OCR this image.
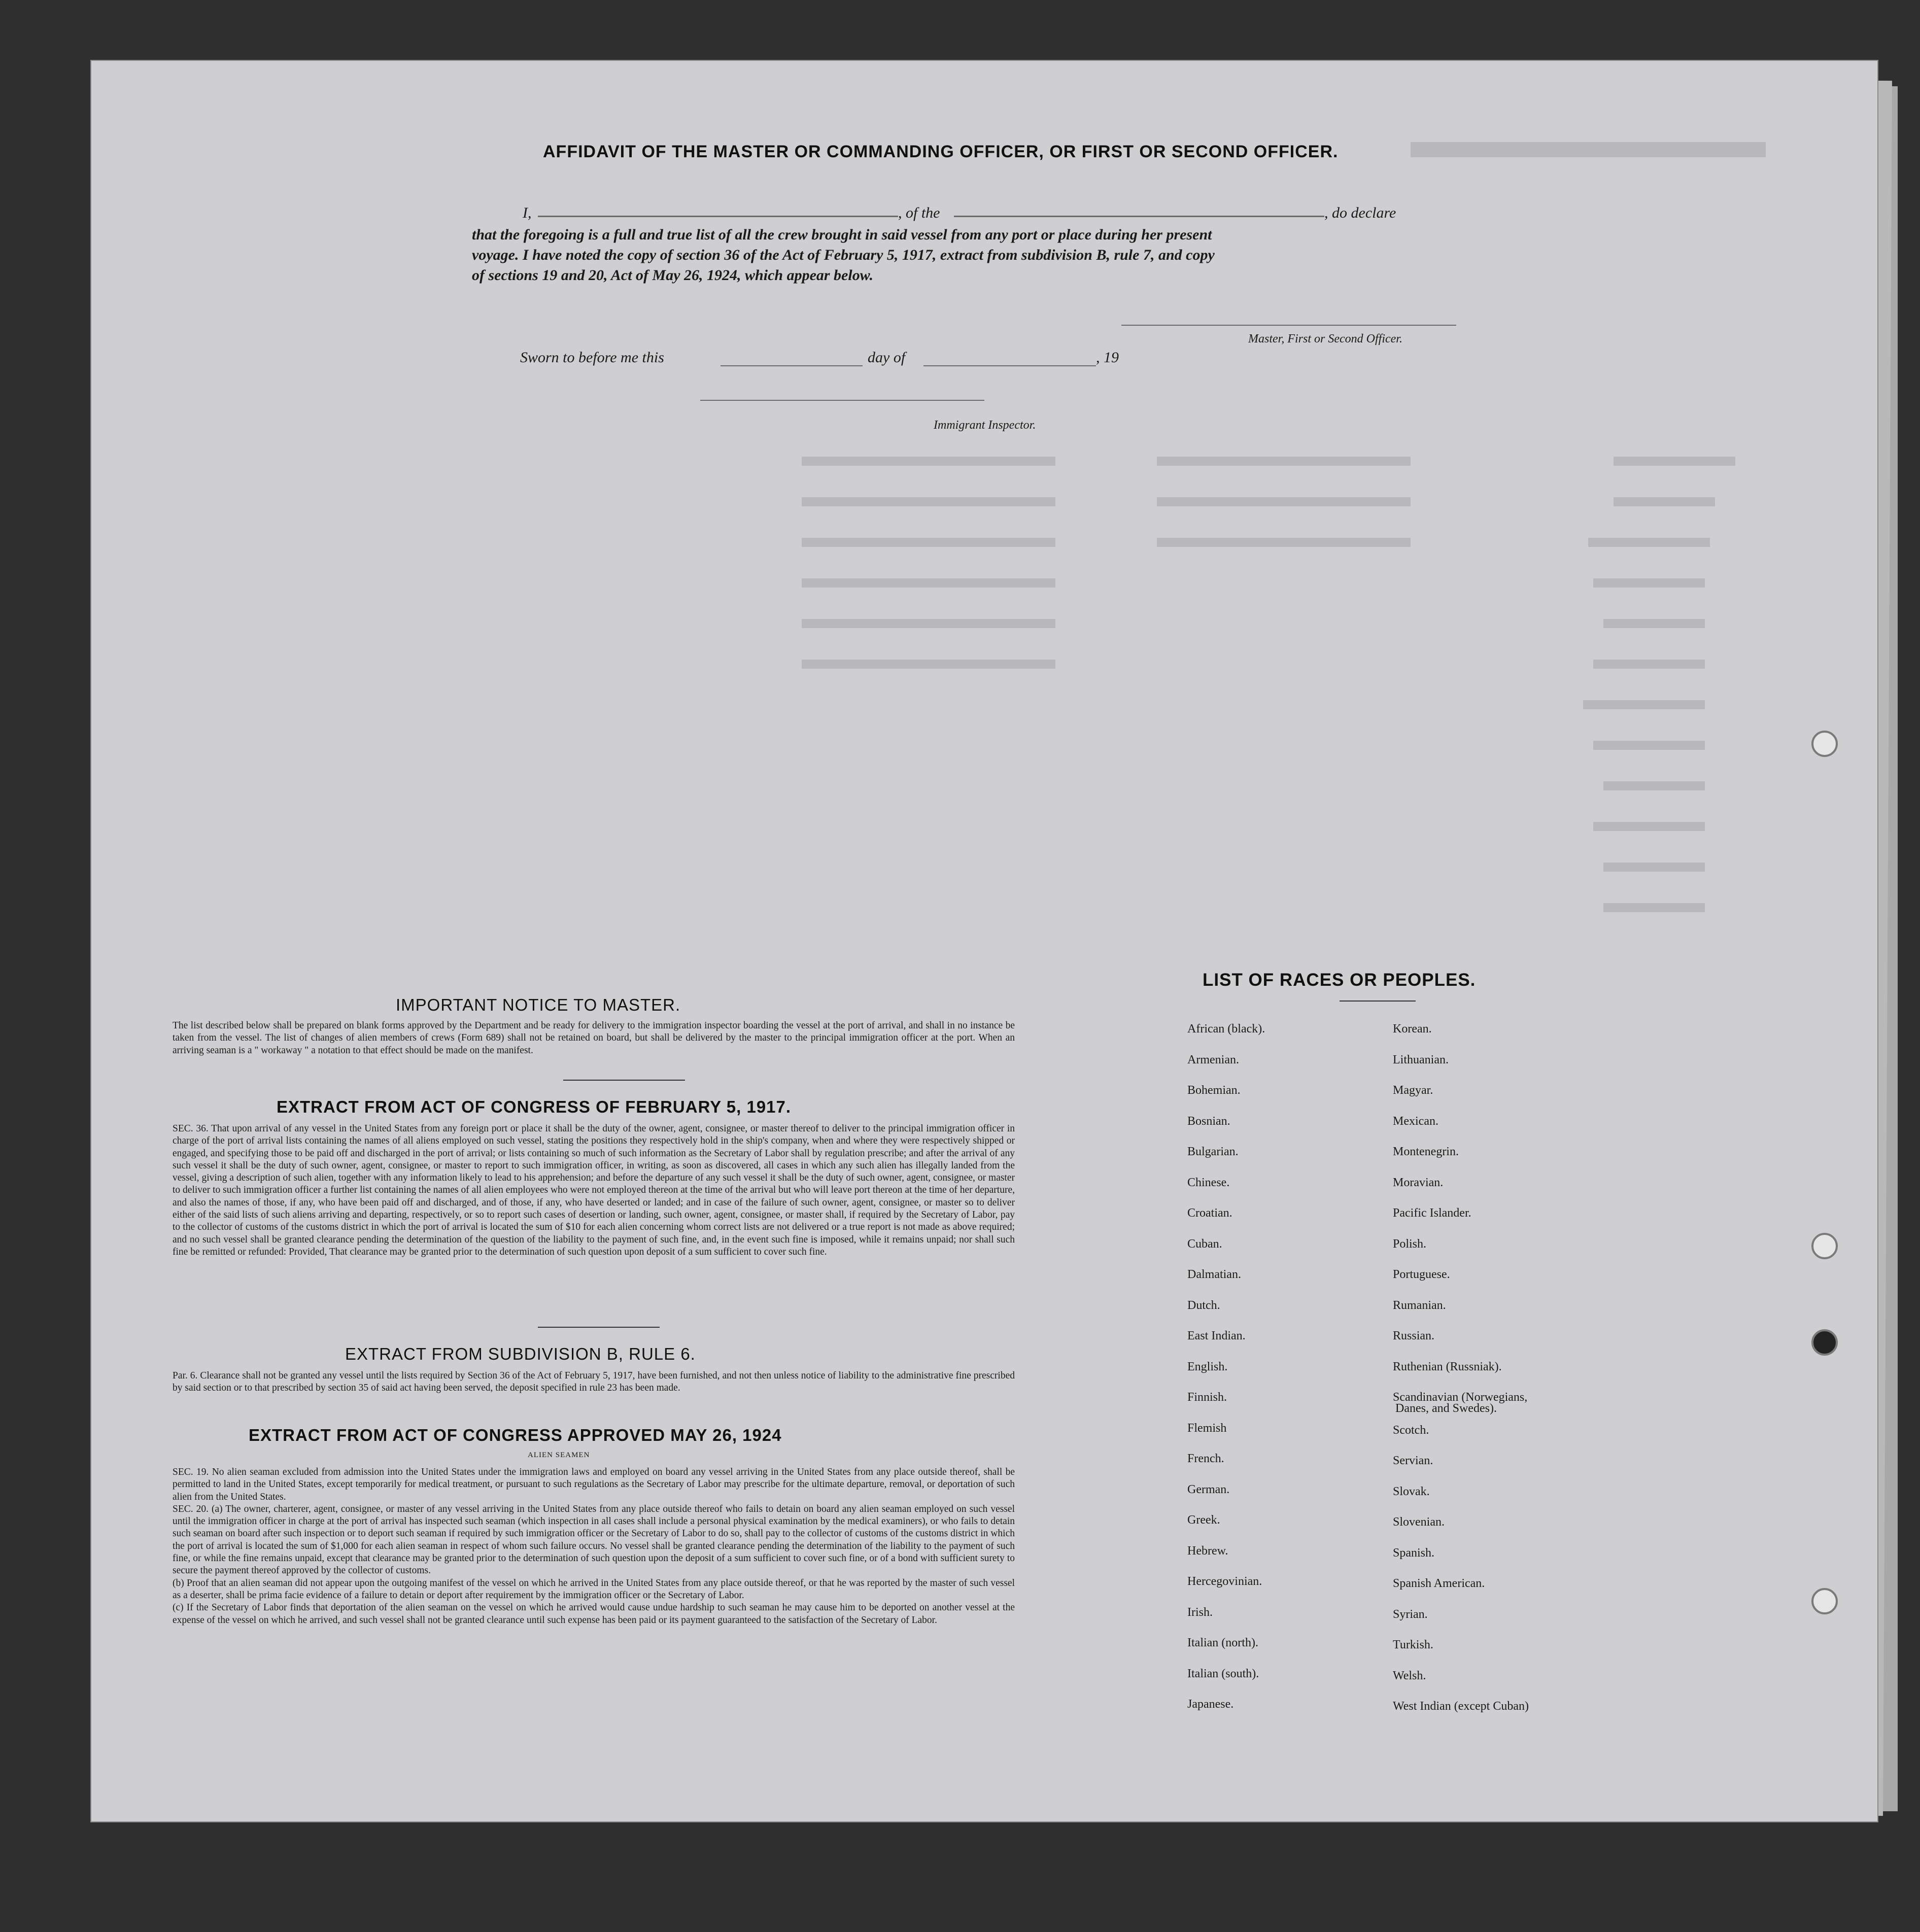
AFFIDAVIT OF THE MASTER OR COMMANDING OFFICER, OR FIRST OR SECOND OFFICER.
I,	, of the	, do declare
that the foregoing is a full and true list of all the crew brought in said vessel from any port or place during her present
voyage. I have noted the copy of section 36 of the Act of February 5, 1917, extract from subdivision B, rule 7, and copy
of sections 19 and 20, Act of May 26, 1924, which appear below.
Master, First or Second Officer.
Sworn to before me this	day of	, 19
Immigrant Inspector.
IMPORTANT NOTICE TO MASTER.
The list described below shall be prepared on blank forms approved by the Department and be ready for delivery to the immigration inspector boarding the vessel at the port of arrival, and shall in no instance be taken from the vessel. The list of changes of alien members of crews (Form 689) shall not be retained on board, but shall be delivered by the master to the principal immigration officer at the port. When an arriving seaman is a " workaway " a notation to that effect should be made on the manifest.
EXTRACT FROM ACT OF CONGRESS OF FEBRUARY 5, 1917.
SEC. 36. That upon arrival of any vessel in the United States from any foreign port or place it shall be the duty of the owner, agent, consignee, or master thereof to deliver to the principal immigration officer in charge of the port of arrival lists containing the names of all aliens employed on such vessel, stating the positions they respectively hold in the ship's company, when and where they were respectively shipped or engaged, and specifying those to be paid off and discharged in the port of arrival; or lists containing so much of such information as the Secretary of Labor shall by regulation prescribe; and after the arrival of any such vessel it shall be the duty of such owner, agent, consignee, or master to report to such immigration officer, in writing, as soon as discovered, all cases in which any such alien has illegally landed from the vessel, giving a description of such alien, together with any information likely to lead to his apprehension; and before the departure of any such vessel it shall be the duty of such owner, agent, consignee, or master to deliver to such immigration officer a further list containing the names of all alien employees who were not employed thereon at the time of the arrival but who will leave port thereon at the time of her departure, and also the names of those, if any, who have been paid off and discharged, and of those, if any, who have deserted or landed; and in case of the failure of such owner, agent, consignee, or master so to deliver either of the said lists of such aliens arriving and departing, respectively, or so to report such cases of desertion or landing, such owner, agent, consignee, or master shall, if required by the Secretary of Labor, pay to the collector of customs of the customs district in which the port of arrival is located the sum of $10 for each alien concerning whom correct lists are not delivered or a true report is not made as above required; and no such vessel shall be granted clearance pending the determination of the question of the liability to the payment of such fine, and, in the event such fine is imposed, while it remains unpaid; nor shall such fine be remitted or refunded: Provided, That clearance may be granted prior to the determination of such question upon deposit of a sum sufficient to cover such fine.
EXTRACT FROM SUBDIVISION B, RULE 6.
Par. 6. Clearance shall not be granted any vessel until the lists required by Section 36 of the Act of February 5, 1917, have been furnished, and not then unless notice of liability to the administrative fine prescribed by said section or to that prescribed by section 35 of said act having been served, the deposit specified in rule 23 has been made.
EXTRACT FROM ACT OF CONGRESS APPROVED MAY 26, 1924
ALIEN SEAMEN
SEC. 19. No alien seaman excluded from admission into the United States under the immigration laws and employed on board any vessel arriving in the United States from any place outside thereof, shall be permitted to land in the United States, except temporarily for medical treatment, or pursuant to such regulations as the Secretary of Labor may prescribe for the ultimate departure, removal, or deportation of such alien from the United States.
SEC. 20. (a) The owner, charterer, agent, consignee, or master of any vessel arriving in the United States from any place outside thereof who fails to detain on board any alien seaman employed on such vessel until the immigration officer in charge at the port of arrival has inspected such seaman (which inspection in all cases shall include a personal physical examination by the medical examiners), or who fails to detain such seaman on board after such inspection or to deport such seaman if required by such immigration officer or the Secretary of Labor to do so, shall pay to the collector of customs of the customs district in which the port of arrival is located the sum of $1,000 for each alien seaman in respect of whom such failure occurs. No vessel shall be granted clearance pending the determination of the liability to the payment of such fine, or while the fine remains unpaid, except that clearance may be granted prior to the determination of such question upon the deposit of a sum sufficient to cover such fine, or of a bond with sufficient surety to secure the payment thereof approved by the collector of customs.
(b) Proof that an alien seaman did not appear upon the outgoing manifest of the vessel on which he arrived in the United States from any place outside thereof, or that he was reported by the master of such vessel as a deserter, shall be prima facie evidence of a failure to detain or deport after requirement by the immigration officer or the Secretary of Labor.
(c) If the Secretary of Labor finds that deportation of the alien seaman on the vessel on which he arrived would cause undue hardship to such seaman he may cause him to be deported on another vessel at the expense of the vessel on which he arrived, and such vessel shall not be granted clearance until such expense has been paid or its payment guaranteed to the satisfaction of the Secretary of Labor.
LIST OF RACES OR PEOPLES.
Danes, and Swedes).
African (black).
Armenian.
Bohemian.
Bosnian.
Bulgarian.
Chinese.
Croatian.
Cuban.
Dalmatian.
Dutch.
East Indian.
English.
Finnish.
Flemish
French.
German.
Greek.
Hebrew.
Hercegovinian.
Irish.
Italian (north).
Italian (south).
Japanese.
Korean.
Lithuanian.
Magyar.
Mexican.
Montenegrin.
Moravian.
Pacific Islander.
Polish.
Portuguese.
Rumanian.
Russian.
Ruthenian (Russniak).
Scandinavian (Norwegians,
Scotch.
Servian.
Slovak.
Slovenian.
Spanish.
Spanish American.
Syrian.
Turkish.
Welsh.
West Indian (except Cuban)
